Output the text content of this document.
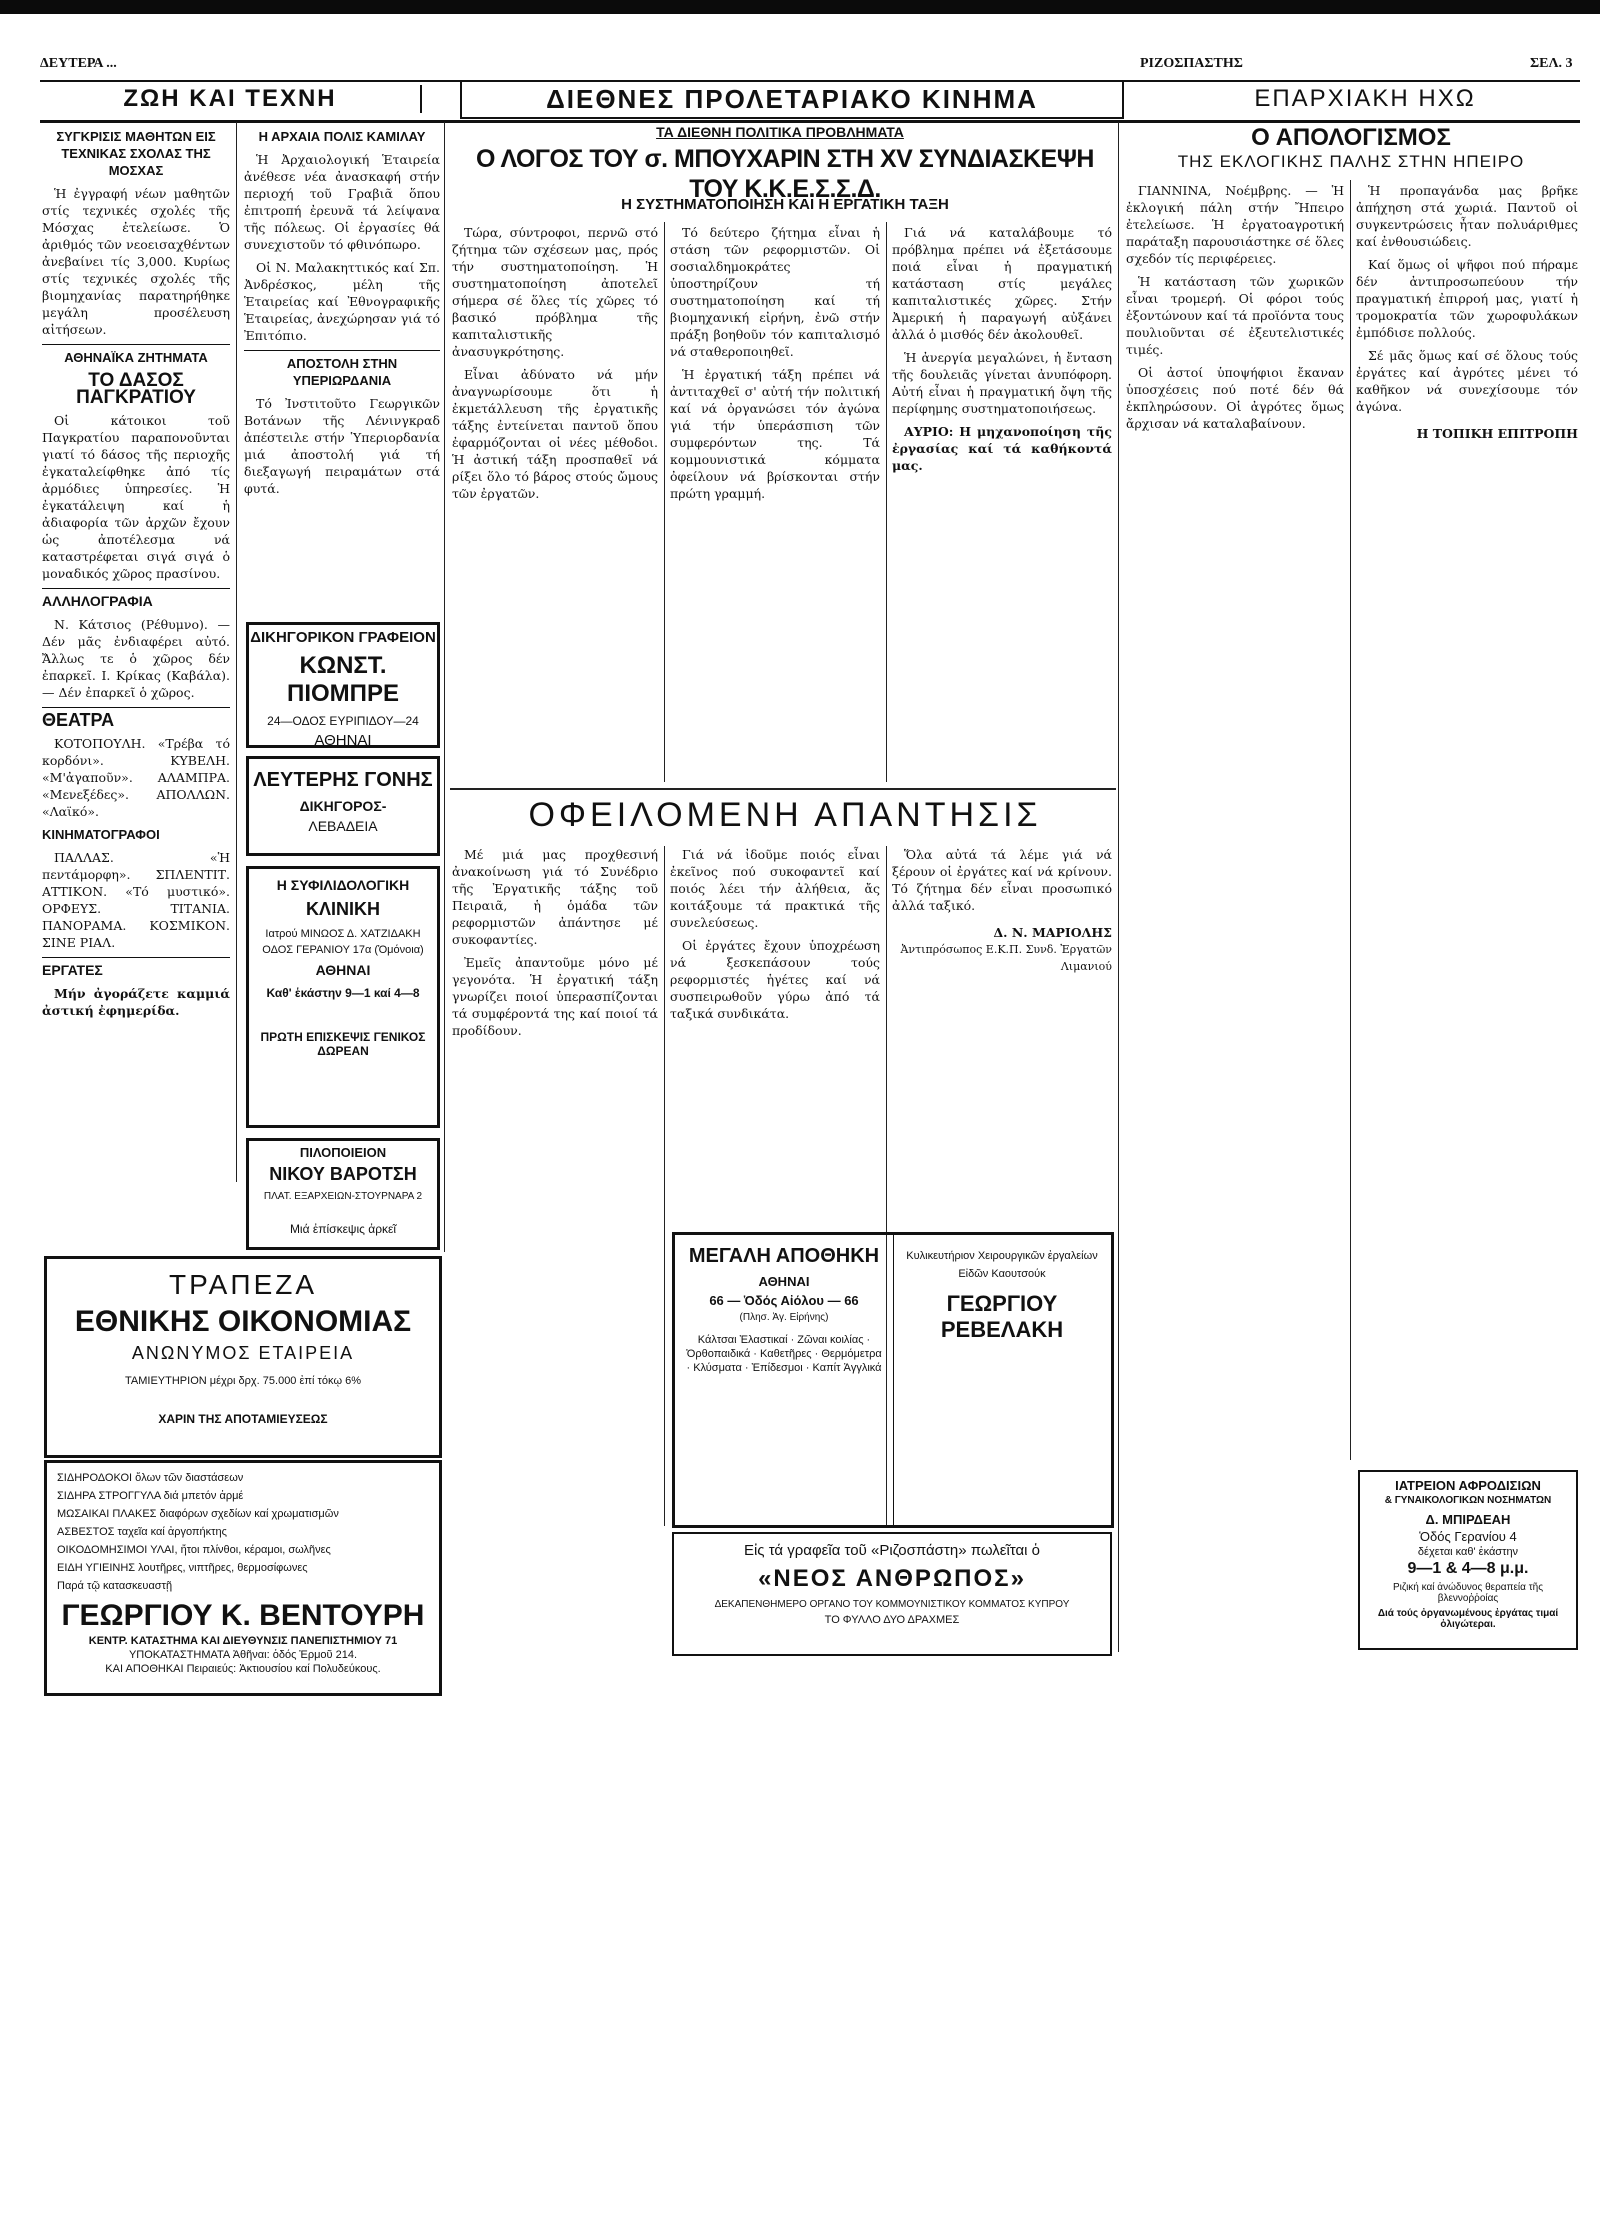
ΔΕΥΤΕΡΑ ...	ΡΙΖΟΣΠΑΣΤΗΣ	ΣΕΛ. 3
ΖΩΗ ΚΑΙ ΤΕΧΝΗ	ΔΙΕΘΝΕΣ ΠΡΟΛΕΤΑΡΙΑΚΟ ΚΙΝΗΜΑ	ΕΠΑΡΧΙΑΚΗ ΗΧΩ
ΣΥΓΚΡΙΣΙΣ ΜΑΘΗΤΩΝ ΕΙΣ ΤΕΧΝΙΚΑΣ ΣΧΟΛΑΣ ΤΗΣ ΜΟΣΧΑΣ

Ἡ ἐγγραφή νέων μαθητῶν στίς τεχνικές σχολές τῆς Μόσχας ἐτελείωσε. Ὁ ἀριθμός τῶν νεοεισαχθέντων ἀνεβαίνει τίς 3,000. Κυρίως στίς τεχνικές σχολές τῆς βιομηχανίας παρατηρήθηκε μεγάλη προσέλευση αἰτήσεων.

ΑΘΗΝΑΪΚΑ ΖΗΤΗΜΑΤΑ
ΤΟ ΔΑΣΟΣ ΠΑΓΚΡΑΤΙΟΥ

Οἱ κάτοικοι τοῦ Παγκρατίου παραπονοῦνται γιατί τό δάσος τῆς περιοχῆς ἐγκαταλείφθηκε ἀπό τίς ἀρμόδιες ὑπηρεσίες. Ἡ ἐγκατάλειψη καί ἡ ἀδιαφορία τῶν ἀρχῶν ἔχουν ὡς ἀποτέλεσμα νά καταστρέφεται σιγά σιγά ὁ μοναδικός χῶρος πρασίνου.

ΑΛΛΗΛΟΓΡΑΦΙΑ

Ν. Κάτσιος (Ρέθυμνο). — Δέν μᾶς ἐνδιαφέρει αὐτό. Ἄλλως τε ὁ χῶρος δέν ἐπαρκεῖ. Ι. Κρίκας (Καβάλα). — Δέν ἐπαρκεῖ ὁ χῶρος.

ΘΕΑΤΡΑ

ΚΟΤΟΠΟΥΛΗ. «Τρέβα τό κορδόνι». ΚΥΒΕΛΗ. «Μ'ἀγαποῦν». ΑΛΑΜΠΡΑ. «Μενεξέδες». ΑΠΟΛΛΩΝ. «Λαϊκό».

ΚΙΝΗΜΑΤΟΓΡΑΦΟΙ

ΠΑΛΛΑΣ. «Ἡ πεντάμορφη». ΣΠΛΕΝΤΙΤ. ΑΤΤΙΚΟΝ. «Τό μυστικό». ΟΡΦΕΥΣ. ΤΙΤΑΝΙΑ. ΠΑΝΟΡΑΜΑ. ΚΟΣΜΙΚΟΝ. ΣΙΝΕ ΡΙΑΛ.

ΕΡΓΑΤΕΣ

Μήν ἀγοράζετε καμμιά ἀστική ἐφημερίδα.

Η ΑΡΧΑΙΑ ΠΟΛΙΣ ΚΑΜΙΛΑΥ

Ἡ Ἀρχαιολογική Ἑταιρεία ἀνέθεσε νέα ἀνασκαφή στήν περιοχή τοῦ Γραβιᾶ ὅπου ἐπιτροπή ἐρευνᾶ τά λείψανα τῆς πόλεως. Οἱ ἐργασίες θά συνεχιστοῦν τό φθινόπωρο.

Οἱ Ν. Μαλακηττικός καί Σπ. Ἀνδρέσκος, μέλη τῆς Ἑταιρείας καί Ἐθνογραφικῆς Ἑταιρείας, ἀνεχώρησαν γιά τό Ἐπιτόπιο.

ΑΠΟΣΤΟΛΗ ΣΤΗΝ ΥΠΕΡΙΩΡΔΑΝΙΑ

Τό Ἰνστιτοῦτο Γεωργικῶν Βοτάνων τῆς Λένινγκραδ ἀπέστειλε στήν Ὑπεριορδανία μιά ἀποστολή γιά τή διεξαγωγή πειραμάτων στά φυτά.

ΔΙΚΗΓΟΡΙΚΟΝ ΓΡΑΦΕΙΟΝ
ΚΩΝΣΤ. ΠΙΟΜΠΡΕ
24—ΟΔΟΣ ΕΥΡΙΠΙΔΟΥ—24
ΑΘΗΝΑΙ
ΛΕΥΤΕΡΗΣ ΓΟΝΗΣ
ΔΙΚΗΓΟΡΟΣ-
ΛΕΒΑΔΕΙΑ
Η ΣΥΦΙΛΙΔΟΛΟΓΙΚΗ
ΚΛΙΝΙΚΗ
Ιατρού ΜΙΝΩΟΣ Δ. ΧΑΤΖΙΔΑΚΗ
ΟΔΟΣ ΓΕΡΑΝΙΟΥ 17α (Ὁμόνοια)
ΑΘΗΝΑΙ
Καθ' ἑκάστην 9—1 καί 4—8
ΠΡΩΤΗ ΕΠΙΣΚΕΨΙΣ ΓΕΝΙΚΟΣ ΔΩΡΕΑΝ
ΠΙΛΟΠΟΙΕΙΟΝ
ΝΙΚΟΥ ΒΑΡΟΤΣΗ
ΠΛΑΤ. ΕΞΑΡΧΕΙΩΝ-ΣΤΟΥΡΝΑΡΑ 2
Μιά ἐπίσκεψις ἀρκεῖ
ΤΡΑΠΕΖΑ
ΕΘΝΙΚΗΣ ΟΙΚΟΝΟΜΙΑΣ
ΑΝΩΝΥΜΟΣ ΕΤΑΙΡΕΙΑ
ΤΑΜΙΕΥΤΗΡΙΟΝ μέχρι δρχ. 75.000 ἐπί τόκῳ 6%
ΧΑΡΙΝ ΤΗΣ ΑΠΟΤΑΜΙΕΥΣΕΩΣ
ΣΙΔΗΡΟΔΟΚΟΙ ὅλων τῶν διαστάσεων
ΣΙΔΗΡΑ ΣΤΡΟΓΓΥΛΑ διά μπετόν ἀρμέ
ΜΩΣΑΙΚΑΙ ΠΛΑΚΕΣ διαφόρων σχεδίων καί χρωματισμῶν
ΑΣΒΕΣΤΟΣ ταχεῖα καί ἀργοπήκτης
ΟΙΚΟΔΟΜΗΣΙΜΟΙ ΥΛΑΙ, ἤτοι πλίνθοι, κέραμοι, σωλῆνες
ΕΙΔΗ ΥΓΙΕΙΝΗΣ λουτῆρες, νιπτῆρες, θερμοσίφωνες
Παρά τῷ κατασκευαστῇ
ΓΕΩΡΓΙΟΥ Κ. ΒΕΝΤΟΥΡΗ
ΚΕΝΤΡ. ΚΑΤΑΣΤΗΜΑ ΚΑΙ ΔΙΕΥΘΥΝΣΙΣ ΠΑΝΕΠΙΣΤΗΜΙΟΥ 71
ΥΠΟΚΑΤΑΣΤΗΜΑΤΑ Ἀθῆναι: ὁδός Ἑρμοῦ 214.
ΚΑΙ ΑΠΟΘΗΚΑΙ Πειραιεύς: Ἀκτιουσίου καί Πολυδεύκους.
ΤΑ ΔΙΕΘΝΗ ΠΟΛΙΤΙΚΑ ΠΡΟΒΛΗΜΑΤΑ
Ο ΛΟΓΟΣ ΤΟΥ σ. ΜΠΟΥΧΑΡΙΝ ΣΤΗ XV ΣΥΝΔΙΑΣΚΕΨΗ ΤΟΥ Κ.Κ.Ε.Σ.Σ.Δ.
Η ΣΥΣΤΗΜΑΤΟΠΟΙΗΣΗ ΚΑΙ Η ΕΡΓΑΤΙΚΗ ΤΑΞΗ

Τώρα, σύντροφοι, περνῶ στό ζήτημα τῶν σχέσεων μας, πρός τήν συστηματοποίηση. Ἡ συστηματοποίηση ἀποτελεῖ σήμερα σέ ὅλες τίς χῶρες τό βασικό πρόβλημα τῆς καπιταλιστικῆς ἀνασυγκρότησης.

Εἶναι ἀδύνατο νά μήν ἀναγνωρίσουμε ὅτι ἡ ἐκμετάλλευση τῆς ἐργατικῆς τάξης ἐντείνεται παντοῦ ὅπου ἐφαρμόζονται οἱ νέες μέθοδοι. Ἡ ἀστική τάξη προσπαθεῖ νά ρίξει ὅλο τό βάρος στούς ὤμους τῶν ἐργατῶν.

Τό δεύτερο ζήτημα εἶναι ἡ στάση τῶν ρεφορμιστῶν. Οἱ σοσιαλδημοκράτες ὑποστηρίζουν τή συστηματοποίηση καί τή βιομηχανική εἰρήνη, ἐνῶ στήν πράξη βοηθοῦν τόν καπιταλισμό νά σταθεροποιηθεῖ.

Ἡ ἐργατική τάξη πρέπει νά ἀντιταχθεῖ σ' αὐτή τήν πολιτική καί νά ὀργανώσει τόν ἀγώνα γιά τήν ὑπεράσπιση τῶν συμφερόντων της. Τά κομμουνιστικά κόμματα ὀφείλουν νά βρίσκονται στήν πρώτη γραμμή.

Γιά νά καταλάβουμε τό πρόβλημα πρέπει νά ἐξετάσουμε ποιά εἶναι ἡ πραγματική κατάσταση στίς μεγάλες καπιταλιστικές χῶρες. Στήν Ἀμερική ἡ παραγωγή αὐξάνει ἀλλά ὁ μισθός δέν ἀκολουθεῖ.

Ἡ ἀνεργία μεγαλώνει, ἡ ἔνταση τῆς δουλειᾶς γίνεται ἀνυπόφορη. Αὐτή εἶναι ἡ πραγματική ὄψη τῆς περίφημης συστηματοποιήσεως.

ΑΥΡΙΟ: Η μηχανοποίηση τῆς ἐργασίας καί τά καθήκοντά μας.

ΟΦΕΙΛΟΜΕΝΗ ΑΠΑΝΤΗΣΙΣ

Μέ μιά μας προχθεσινή ἀνακοίνωση γιά τό Συνέδριο τῆς Ἐργατικῆς τάξης τοῦ Πειραιᾶ, ἡ ὁμάδα τῶν ρεφορμιστῶν ἀπάντησε μέ συκοφαντίες.

Ἐμεῖς ἀπαντοῦμε μόνο μέ γεγονότα. Ἡ ἐργατική τάξη γνωρίζει ποιοί ὑπερασπίζονται τά συμφέροντά της καί ποιοί τά προδίδουν.

Γιά νά ἰδοῦμε ποιός εἶναι ἐκεῖνος πού συκοφαντεῖ καί ποιός λέει τήν ἀλήθεια, ἄς κοιτάξουμε τά πρακτικά τῆς συνελεύσεως.

Οἱ ἐργάτες ἔχουν ὑποχρέωση νά ξεσκεπάσουν τούς ρεφορμιστές ἡγέτες καί νά συσπειρωθοῦν γύρω ἀπό τά ταξικά συνδικάτα.

Ὅλα αὐτά τά λέμε γιά νά ξέρουν οἱ ἐργάτες καί νά κρίνουν. Τό ζήτημα δέν εἶναι προσωπικό ἀλλά ταξικό.

Δ. Ν. ΜΑΡΙΟΛΗΣ
Ἀντιπρόσωπος Ε.Κ.Π. Συνδ. Ἐργατῶν Λιμανιού
ΜΕΓΑΛΗ ΑΠΟΘΗΚΗ
ΑΘΗΝΑΙ
66 — Ὁδός Αἰόλου — 66
(Πλησ. Ἁγ. Εἰρήνης)
Κάλτσαι Ἐλαστικαί · Ζῶναι κοιλίας · Ὀρθοπαιδικά · Καθετῆρες · Θερμόμετρα · Κλύσματα · Ἐπίδεσμοι · Καπίτ Ἀγγλικά
Κυλικευτήριον Χειρουργικῶν ἐργαλείων
Εἰδῶν Καουτσούκ
ΓΕΩΡΓΙΟΥ ΡΕΒΕΛΑΚΗ
Εἰς τά γραφεῖα τοῦ «Ριζοσπάστη» πωλεῖται ὁ
«ΝΕΟΣ ΑΝΘΡΩΠΟΣ»
ΔΕΚΑΠΕΝΘΗΜΕΡΟ ΟΡΓΑΝΟ ΤΟΥ ΚΟΜΜΟΥΝΙΣΤΙΚΟΥ ΚΟΜΜΑΤΟΣ ΚΥΠΡΟΥ
ΤΟ ΦΥΛΛΟ ΔΥΟ ΔΡΑΧΜΕΣ
Ο ΑΠΟΛΟΓΙΣΜΟΣ
ΤΗΣ ΕΚΛΟΓΙΚΗΣ ΠΑΛΗΣ ΣΤΗΝ ΗΠΕΙΡΟ

ΓΙΑΝΝΙΝΑ, Νοέμβρης. — Ἡ ἐκλογική πάλη στήν Ἤπειρο ἐτελείωσε. Ἡ ἐργατοαγροτική παράταξη παρουσιάστηκε σέ ὅλες σχεδόν τίς περιφέρειες.

Ἡ κατάσταση τῶν χωρικῶν εἶναι τρομερή. Οἱ φόροι τούς ἐξοντώνουν καί τά προϊόντα τους πουλιοῦνται σέ ἐξευτελιστικές τιμές.

Οἱ ἀστοί ὑποψήφιοι ἔκαναν ὑποσχέσεις πού ποτέ δέν θά ἐκπληρώσουν. Οἱ ἀγρότες ὅμως ἄρχισαν νά καταλαβαίνουν.

Ἡ προπαγάνδα μας βρῆκε ἀπήχηση στά χωριά. Παντοῦ οἱ συγκεντρώσεις ἦταν πολυάριθμες καί ἐνθουσιώδεις.

Καί ὅμως οἱ ψῆφοι πού πήραμε δέν ἀντιπροσωπεύουν τήν πραγματική ἐπιρροή μας, γιατί ἡ τρομοκρατία τῶν χωροφυλάκων ἐμπόδισε πολλούς.

Σέ μᾶς ὅμως καί σέ ὅλους τούς ἐργάτες καί ἀγρότες μένει τό καθῆκον νά συνεχίσουμε τόν ἀγώνα.

Η ΤΟΠΙΚΗ ΕΠΙΤΡΟΠΗ
ΙΑΤΡΕΙΟΝ ΑΦΡΟΔΙΣΙΩΝ
& ΓΥΝΑΙΚΟΛΟΓΙΚΩΝ ΝΟΣΗΜΑΤΩΝ
Δ. ΜΠΙΡΔΕΑΗ
Ὁδός Γερανίου 4
δέχεται καθ' ἑκάστην
9—1 & 4—8 μ.μ.
Ριζική καί ἀνώδυνος θεραπεία τῆς βλεννοῤῥοίας
Διά τούς ὀργανωμένους ἐργάτας τιμαί ὁλιγώτεραι.
